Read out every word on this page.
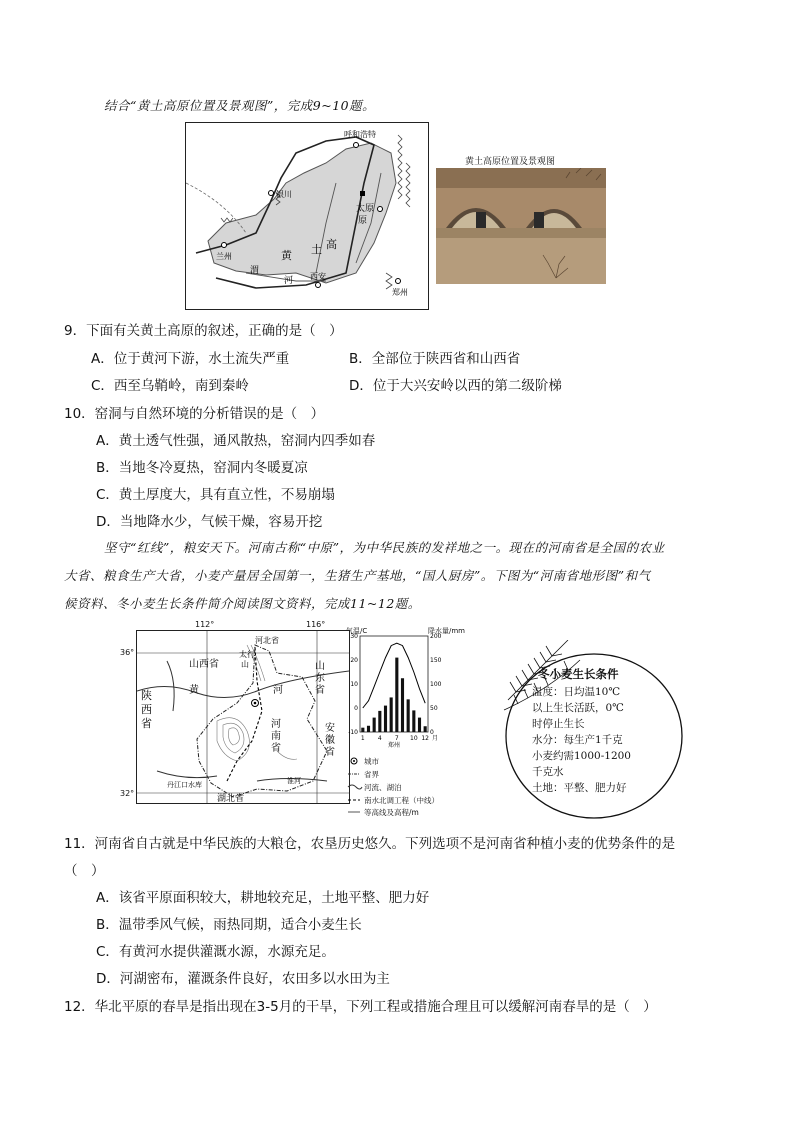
结合“黄土高原位置及景观图”，完成9~10题。
呼和浩特
银川
太原
原
兰州
渭
河 西安
郑州
黄 土 高
黄土高原位置及景观图
9．下面有关黄土高原的叙述，正确的是（　）
A．位于黄河下游，水土流失严重	B．全部位于陕西省和山西省
C．西至乌鞘岭，南到秦岭	D．位于大兴安岭以西的第二级阶梯
10．窑洞与自然环境的分析错误的是（　）
A．黄土透气性强，通风散热，窑洞内四季如春
B．当地冬冷夏热，窑洞内冬暖夏凉
C．黄土厚度大，具有直立性，不易崩塌
D．当地降水少，气候干燥，容易开挖
坚守“红线”，粮安天下。河南古称“中原”，为中华民族的发祥地之一。现在的河南省是全国的农业
大省、粮食生产大省，小麦产量居全国第一，生猪生产基地，“国人厨房”。下图为“河南省地形图”和气
候资料、冬小麦生长条件简介阅读图文资料，完成11~12题。
112°	116°
36°
32°
河北省
山西省
太行
山	山
东
省
陕
西
省
黄	河
河
南
省
安
徽
省
丹江口水库	淮河
湖北省
气温/C	降水量/mm
30
20
10
0
-10
200
150
100
50
0
1 4 7 10 12 月
郑州
城市
省界
河流、湖泊
南水北调工程（中线）
等高线及高程/m
冬小麦生长条件
温度：日均温10℃
以上生长活跃，0℃
时停止生长
水分：每生产1千克
小麦约需1000-1200
千克水
土地：平整、肥力好
11．河南省自古就是中华民族的大粮仓，农垦历史悠久。下列选项不是河南省种植小麦的优势条件的是
（　）
A．该省平原面积较大，耕地较充足，土地平整、肥力好
B．温带季风气候，雨热同期，适合小麦生长
C．有黄河水提供灌溉水源，水源充足。
D．河湖密布，灌溉条件良好，农田多以水田为主
12．华北平原的春旱是指出现在3-5月的干旱，下列工程或措施合理且可以缓解河南春旱的是（　）
